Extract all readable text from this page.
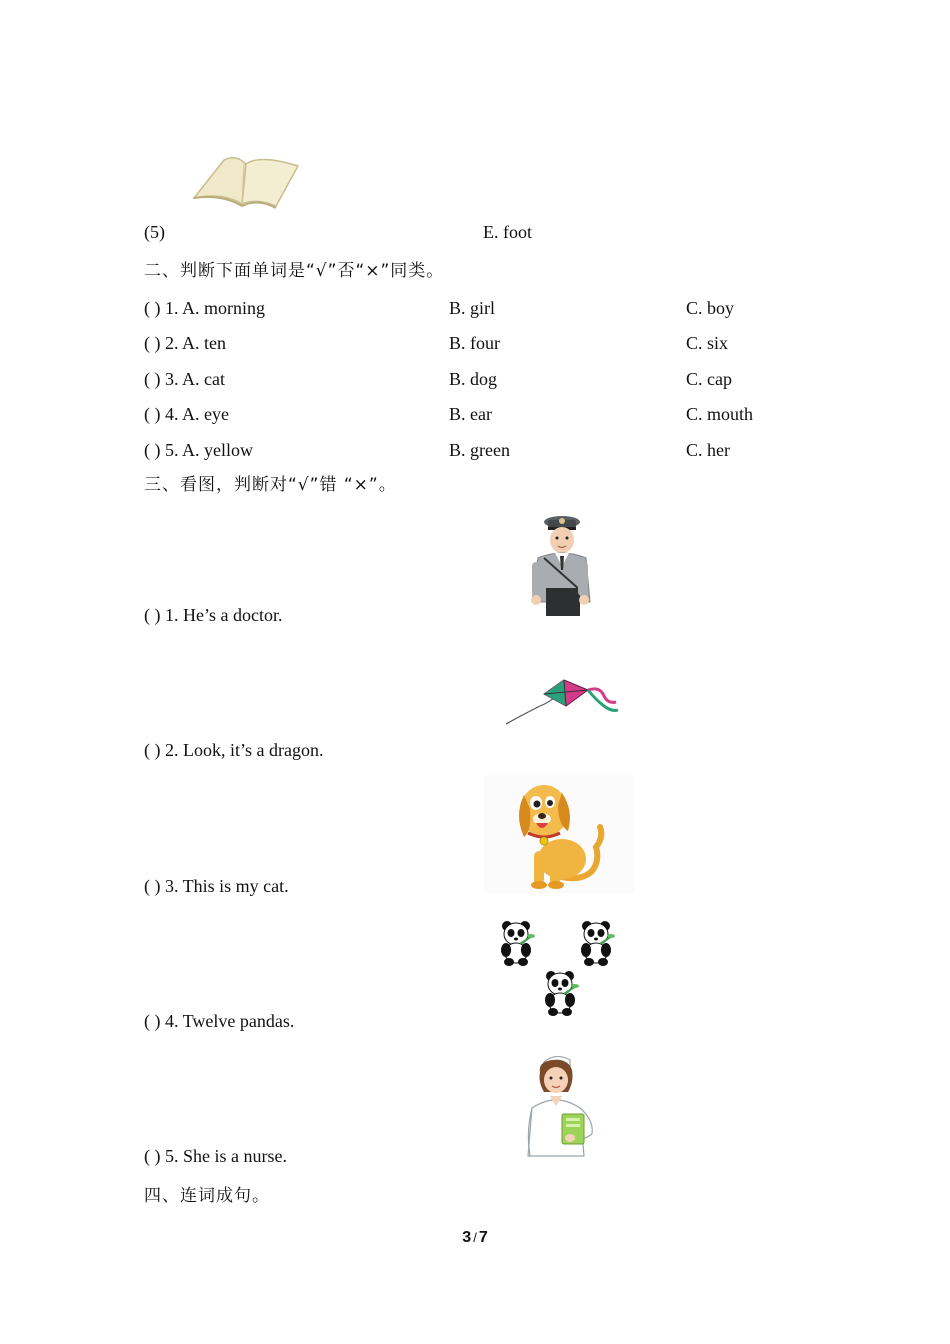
(5)	E. foot
二、判断下面单词是“√”否“×”同类。
( ) 1. A. morning	B. girl	C. boy
( ) 2. A. ten	B. four	C. six
( ) 3. A. cat	B. dog	C. cap
( ) 4. A. eye	B. ear	C. mouth
( ) 5. A. yellow	B. green	C. her
三、看图，判断对“√”错 “×”。
( ) 1. He’s a doctor.
( ) 2. Look, it’s a dragon.
( ) 3. This is my cat.
( ) 4. Twelve pandas.
( ) 5. She is a nurse.
四、连词成句。
3 / 7
